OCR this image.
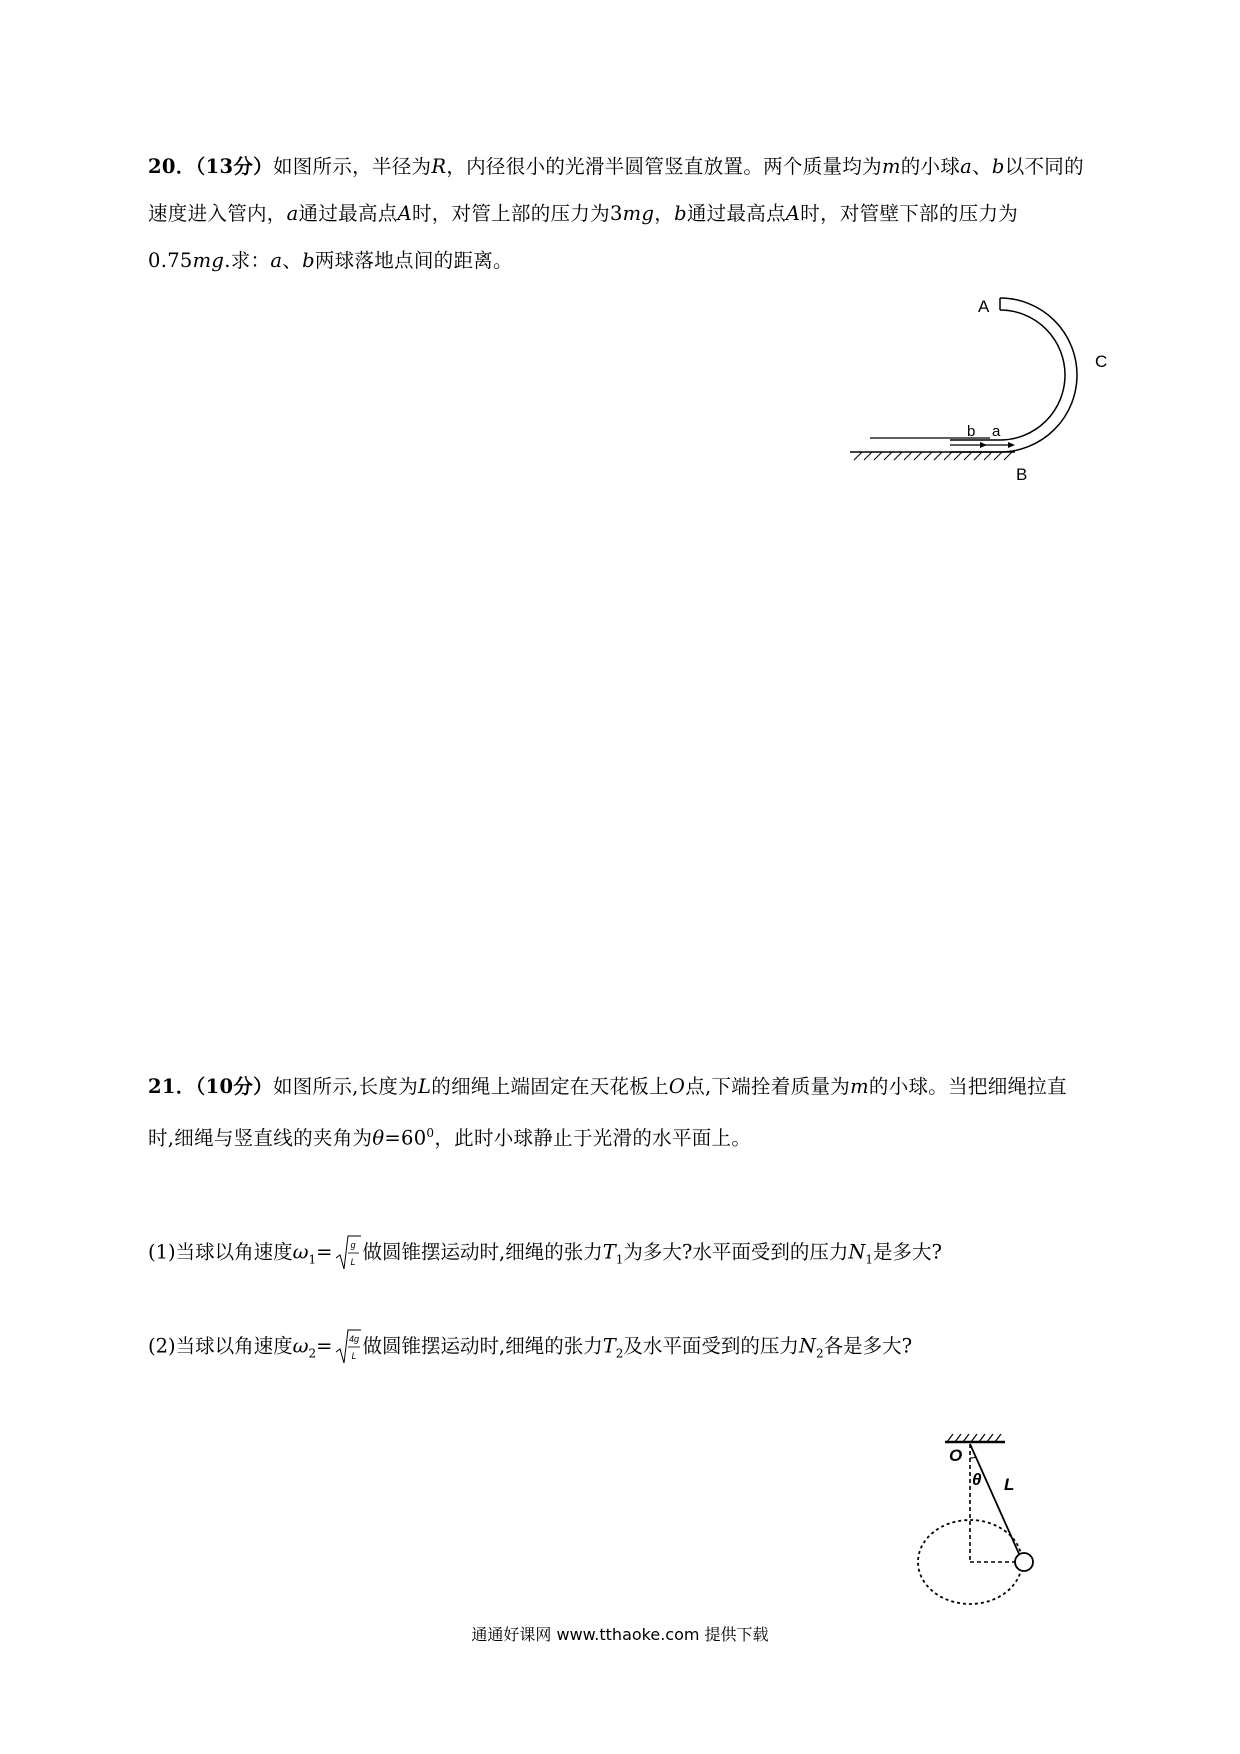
20．（13分）如图所示，半径为R，内径很小的光滑半圆管竖直放置。两个质量均为m的小球a、b以不同的速度进入管内，a通过最高点A时，对管上部的压力为3mg，b通过最高点A时，对管壁下部的压力为0.75mg.求：a、b两球落地点间的距离。
A
C
B
b a
21．（10分）如图所示,长度为L的细绳上端固定在天花板上O点,下端拴着质量为m的小球。当把细绳拉直时,细绳与竖直线的夹角为$\theta=60^0$，此时小球静止于光滑的水平面上。
(1)当球以角速度$\omega_1= g$
L 做圆锥摆运动时,细绳的张力$T_1$为多大?水平面受到的压力$N_1$是多大?
(2)当球以角速度$\omega_2= 4g$
L 做圆锥摆运动时,细绳的张力$T_2$及水平面受到的压力$N_2$各是多大?
O
θ L
通通好课网 www.tthaoke.com 提供下载
